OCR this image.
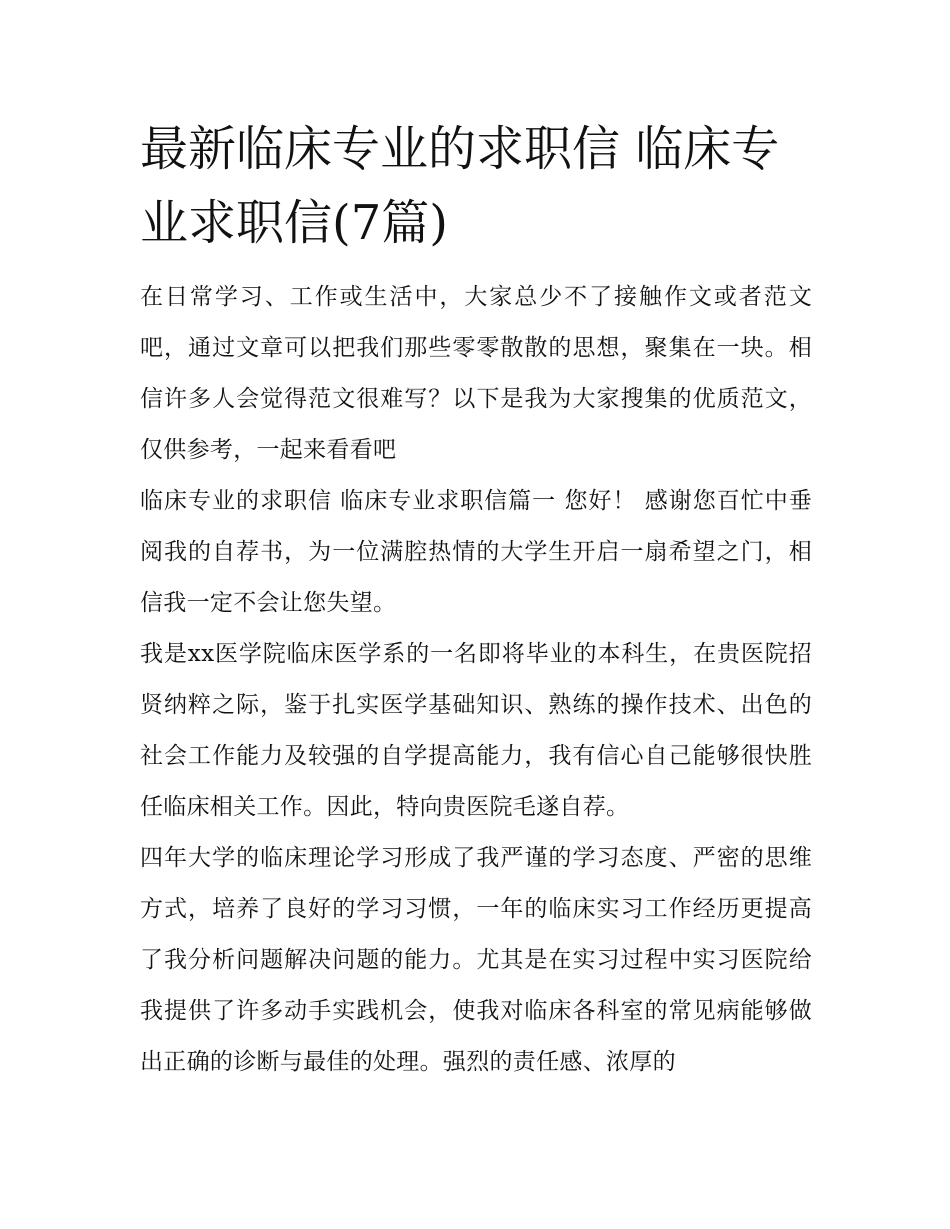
最新临床专业的求职信 临床专业求职信(7篇)

在日常学习、工作或生活中，大家总少不了接触作文或者范文吧，通过文章可以把我们那些零零散散的思想，聚集在一块。相信许多人会觉得范文很难写？以下是我为大家搜集的优质范文，仅供参考，一起来看看吧

临床专业的求职信 临床专业求职信篇一 您好！ 感谢您百忙中垂阅我的自荐书，为一位满腔热情的大学生开启一扇希望之门，相信我一定不会让您失望。

我是xx医学院临床医学系的一名即将毕业的本科生，在贵医院招贤纳粹之际，鉴于扎实医学基础知识、熟练的操作技术、出色的社会工作能力及较强的自学提高能力，我有信心自己能够很快胜任临床相关工作。因此，特向贵医院毛遂自荐。

四年大学的临床理论学习形成了我严谨的学习态度、严密的思维方式，培养了良好的学习习惯，一年的临床实习工作经历更提高了我分析问题解决问题的能力。尤其是在实习过程中实习医院给我提供了许多动手实践机会，使我对临床各科室的常见病能够做出正确的诊断与最佳的处理。强烈的责任感、浓厚的
